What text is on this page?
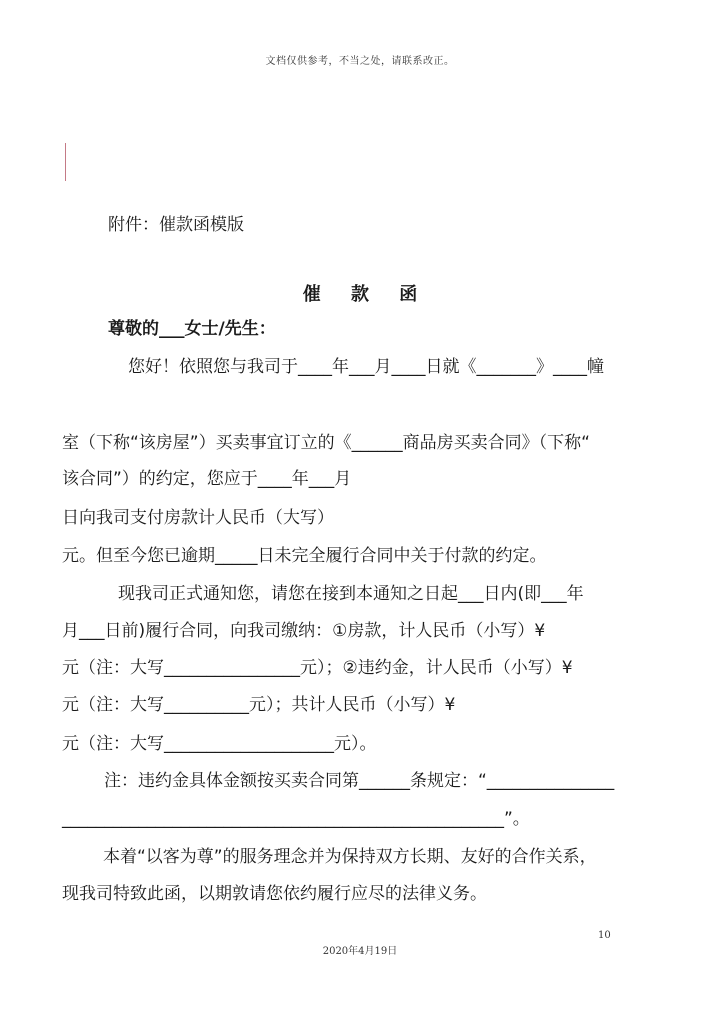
文档仅供参考，不当之处，请联系改正。
附件：催款函模版
催 款 函
尊敬的___女士/先生：
您好！依照您与我司于____年___月____日就《_______》____幢
室（下称“该房屋”）买卖事宜订立的《______商品房买卖合同》（下称“
该合同”）的约定，您应于____年___月
日向我司支付房款计人民币（大写）
元。但至今您已逾期_____日未完全履行合同中关于付款的约定。
现我司正式通知您，请您在接到本通知之日起___日内(即___年
月___日前)履行合同，向我司缴纳：①房款，计人民币（小写）¥
元（注：大写________________元）；②违约金，计人民币（小写）¥
元（注：大写__________元）；共计人民币（小写）¥
元（注：大写____________________元）。
注：违约金具体金额按买卖合同第______条规定：“_______________
____________________________________________________”。
本着“以客为尊”的服务理念并为保持双方长期、友好的合作关系，
现我司特致此函，以期敦请您依约履行应尽的法律义务。
10
2020年4月19日
